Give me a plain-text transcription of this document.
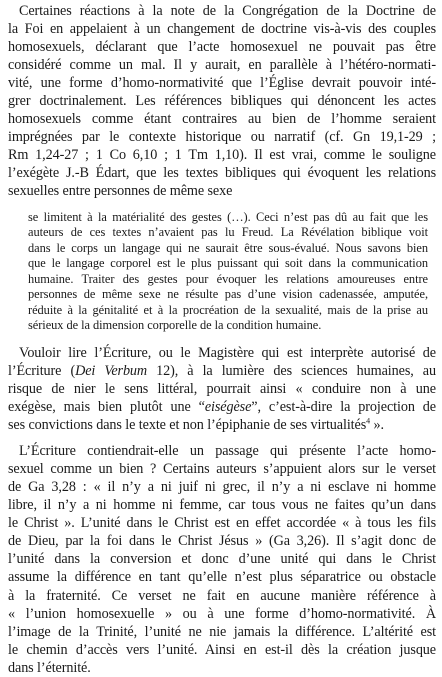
Certaines réactions à la note de la Congrégation de la Doctrine de
la Foi en appelaient à un changement de doctrine vis-à-vis des couples
homosexuels, déclarant que l’acte homosexuel ne pouvait pas être
considéré comme un mal. Il y aurait, en parallèle à l’hétéro-normati-
vité, une forme d’homo-normativité que l’Église devrait pouvoir inté-
grer doctrinalement. Les références bibliques qui dénoncent les actes
homosexuels comme étant contraires au bien de l’homme seraient
imprégnées par le contexte historique ou narratif (cf. Gn 19,1-29 ;
Rm 1,24-27 ; 1 Co 6,10 ; 1 Tm 1,10). Il est vrai, comme le souligne
l’exégète J.-B Édart, que les textes bibliques qui évoquent les relations
sexuelles entre personnes de même sexe
se limitent à la matérialité des gestes (…). Ceci n’est pas dû au fait que les
auteurs de ces textes n’avaient pas lu Freud. La Révélation biblique voit
dans le corps un langage qui ne saurait être sous-évalué. Nous savons bien
que le langage corporel est le plus puissant qui soit dans la communication
humaine. Traiter des gestes pour évoquer les relations amoureuses entre
personnes de même sexe ne résulte pas d’une vision cadenassée, amputée,
réduite à la génitalité et à la procréation de la sexualité, mais de la prise au
sérieux de la dimension corporelle de la condition humaine.
Vouloir lire l’Écriture, ou le Magistère qui est interprète autorisé de
l’Écriture (Dei Verbum 12), à la lumière des sciences humaines, au
risque de nier le sens littéral, pourrait ainsi « conduire non à une
exégèse, mais bien plutôt une “eiségèse”, c’est-à-dire la projection de
ses convictions dans le texte et non l’épiphanie de ses virtualités$^4$ ».
L’Écriture contiendrait-elle un passage qui présente l’acte homo-
sexuel comme un bien ? Certains auteurs s’appuient alors sur le verset
de Ga 3,28 : « il n’y a ni juif ni grec, il n’y a ni esclave ni homme
libre, il n’y a ni homme ni femme, car tous vous ne faites qu’un dans
le Christ ». L’unité dans le Christ est en effet accordée « à tous les fils
de Dieu, par la foi dans le Christ Jésus » (Ga 3,26). Il s’agit donc de
l’unité dans la conversion et donc d’une unité qui dans le Christ
assume la différence en tant qu’elle n’est plus séparatrice ou obstacle
à la fraternité. Ce verset ne fait en aucune manière référence à
« l’union homosexuelle » ou à une forme d’homo-normativité. À
l’image de la Trinité, l’unité ne nie jamais la différence. L’altérité est
le chemin d’accès vers l’unité. Ainsi en est-il dès la création jusque
dans l’éternité.
